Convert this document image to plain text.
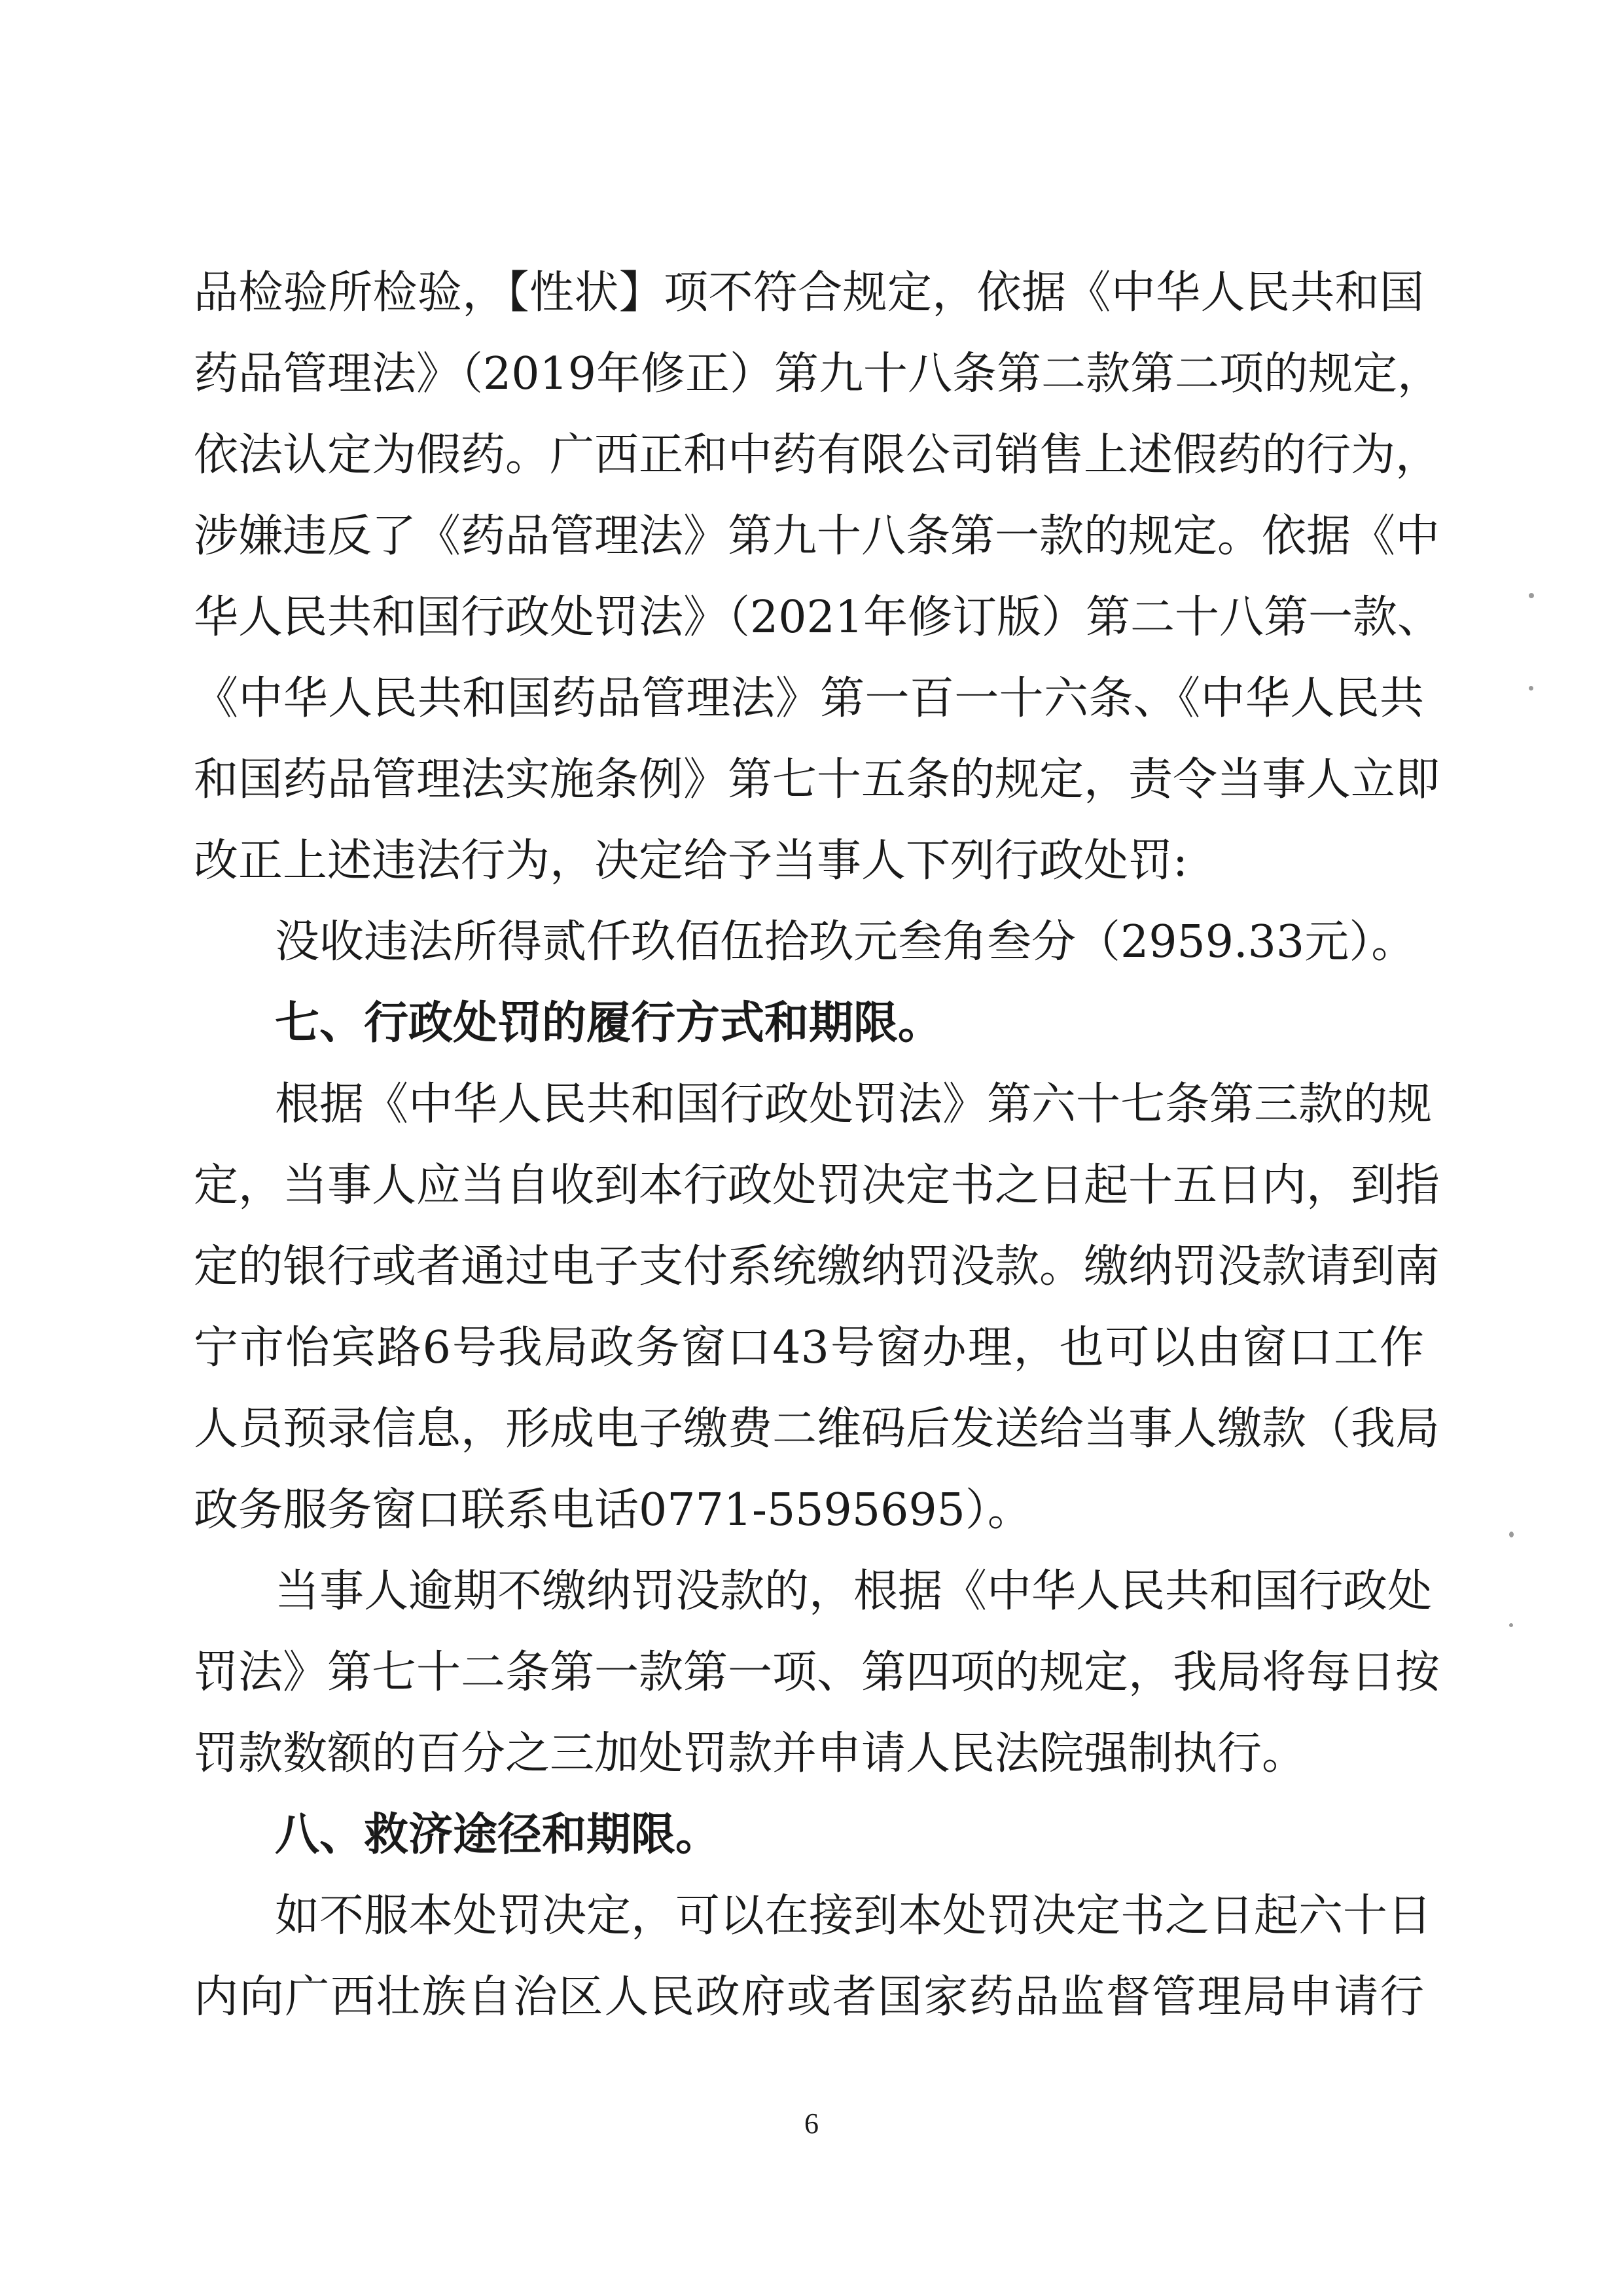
品检验所检验，【性状】项不符合规定，依据《中华人民共和国
药品管理法》（2019年修正）第九十八条第二款第二项的规定，
依法认定为假药。广西正和中药有限公司销售上述假药的行为，
涉嫌违反了《药品管理法》第九十八条第一款的规定。依据《中
华人民共和国行政处罚法》（2021年修订版）第二十八第一款、
《中华人民共和国药品管理法》第一百一十六条、《中华人民共
和国药品管理法实施条例》第七十五条的规定，责令当事人立即
改正上述违法行为，决定给予当事人下列行政处罚:
没收违法所得贰仟玖佰伍拾玖元叁角叁分（2959.33元）。
七、行政处罚的履行方式和期限。
根据《中华人民共和国行政处罚法》第六十七条第三款的规
定，当事人应当自收到本行政处罚决定书之日起十五日内，到指
定的银行或者通过电子支付系统缴纳罚没款。缴纳罚没款请到南
宁市怡宾路6号我局政务窗口43号窗办理，也可以由窗口工作
人员预录信息，形成电子缴费二维码后发送给当事人缴款（我局
政务服务窗口联系电话0771-5595695）。
当事人逾期不缴纳罚没款的，根据《中华人民共和国行政处
罚法》第七十二条第一款第一项、第四项的规定，我局将每日按
罚款数额的百分之三加处罚款并申请人民法院强制执行。
八、救济途径和期限。
如不服本处罚决定，可以在接到本处罚决定书之日起六十日
内向广西壮族自治区人民政府或者国家药品监督管理局申请行
6
